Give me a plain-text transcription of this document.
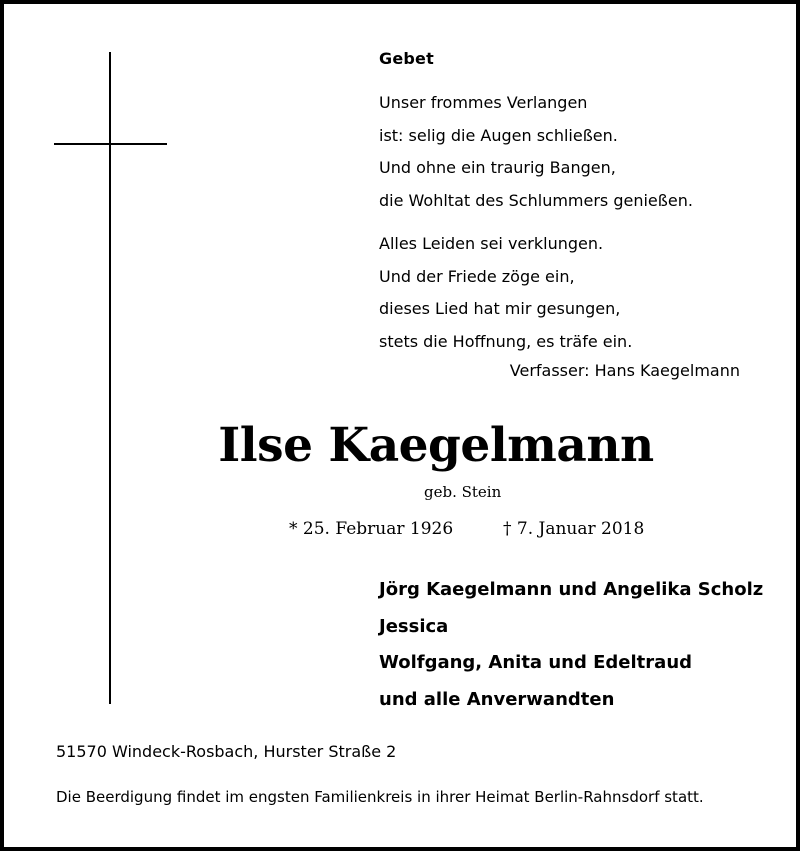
Gebet
Unser frommes Verlangen
ist: selig die Augen schließen.
Und ohne ein traurig Bangen,
die Wohltat des Schlummers genießen.
Alles Leiden sei verklungen.
Und der Friede zöge ein,
dieses Lied hat mir gesungen,
stets die Hoffnung, es träfe ein.
Verfasser: Hans Kaegelmann
Ilse Kaegelmann
geb. Stein
* 25. Februar 1926	† 7. Januar 2018
Jörg Kaegelmann und Angelika Scholz
Jessica
Wolfgang, Anita und Edeltraud
und alle Anverwandten
51570 Windeck-Rosbach, Hurster Straße 2
Die Beerdigung findet im engsten Familienkreis in ihrer Heimat Berlin-Rahnsdorf statt.
